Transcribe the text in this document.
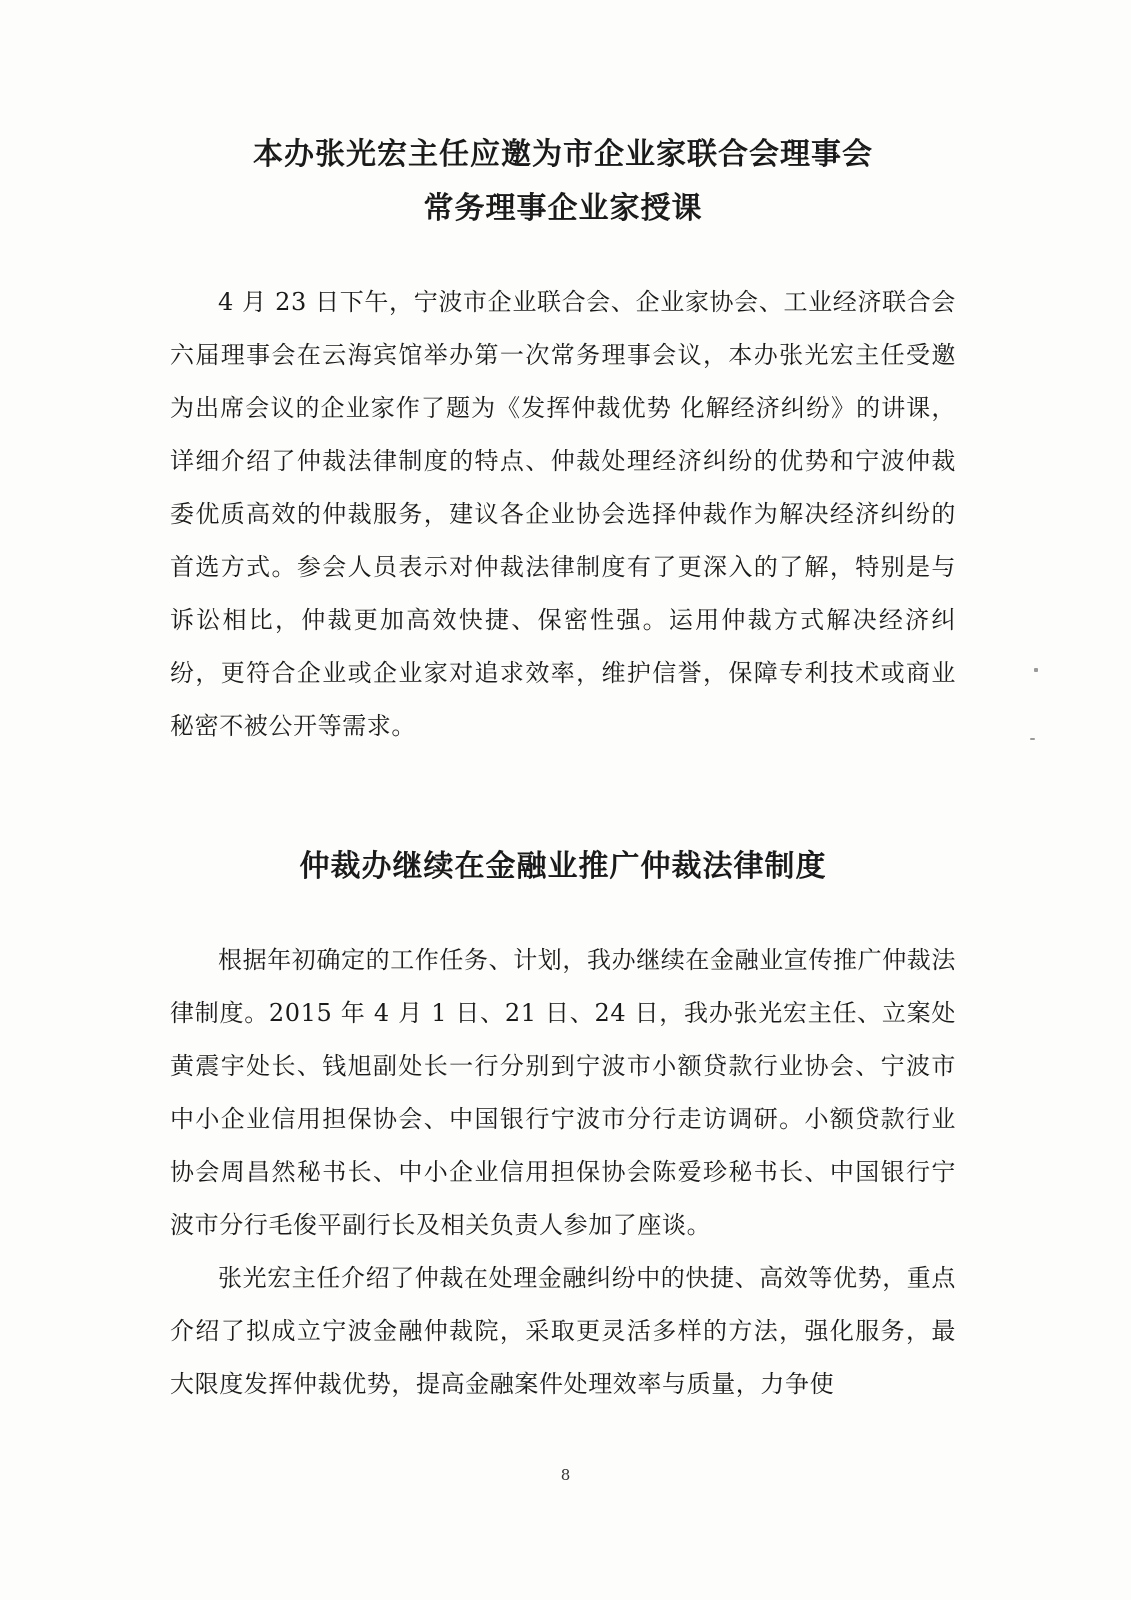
本办张光宏主任应邀为市企业家联合会理事会
常务理事企业家授课

4 月 23 日下午，宁波市企业联合会、企业家协会、工业经济联合会六届理事会在云海宾馆举办第一次常务理事会议，本办张光宏主任受邀为出席会议的企业家作了题为《发挥仲裁优势 化解经济纠纷》的讲课，详细介绍了仲裁法律制度的特点、仲裁处理经济纠纷的优势和宁波仲裁委优质高效的仲裁服务，建议各企业协会选择仲裁作为解决经济纠纷的首选方式。参会人员表示对仲裁法律制度有了更深入的了解，特别是与诉讼相比，仲裁更加高效快捷、保密性强。运用仲裁方式解决经济纠纷，更符合企业或企业家对追求效率，维护信誉，保障专利技术或商业秘密不被公开等需求。

仲裁办继续在金融业推广仲裁法律制度

根据年初确定的工作任务、计划，我办继续在金融业宣传推广仲裁法律制度。2015 年 4 月 1 日、21 日、24 日，我办张光宏主任、立案处黄震宇处长、钱旭副处长一行分别到宁波市小额贷款行业协会、宁波市中小企业信用担保协会、中国银行宁波市分行走访调研。小额贷款行业协会周昌然秘书长、中小企业信用担保协会陈爱珍秘书长、中国银行宁波市分行毛俊平副行长及相关负责人参加了座谈。

张光宏主任介绍了仲裁在处理金融纠纷中的快捷、高效等优势，重点介绍了拟成立宁波金融仲裁院，采取更灵活多样的方法，强化服务，最大限度发挥仲裁优势，提高金融案件处理效率与质量，力争使

8
